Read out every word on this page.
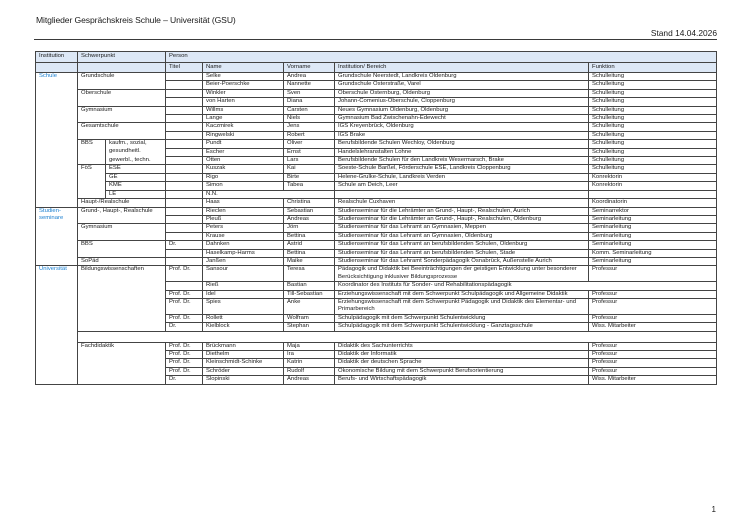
Mitglieder Gesprächskreis Schule – Universität (GSU)
Stand 14.04.2026
Institution	Schwerpunkt		Person				
			Titel	Name	Vorname	Institution/ Bereich	Funktion
Schule	Grundschule			Selke	Andrea	Grundschule Neerstedt, Landkreis Oldenburg	Schulleitung
				Beier-Poerschke	Nannette	Grundschule Osterstraße, Varel	Schulleitung
	Oberschule			Winkler	Sven	Oberschule Osternburg, Oldenburg	Schulleitung
				von Harten	Diana	Johann-Comenius-Oberschule, Cloppenburg	Schulleitung
	Gymnasium			Willms	Carsten	Neues Gymnasium Oldenburg, Oldenburg	Schulleitung
				Lange	Niels	Gymnasium Bad Zwischenahn-Edewecht	Schulleitung
	Gesamtschule			Kaczmirek	Jens	IGS Kreyenbrück, Oldenburg	Schulleitung
				Ringwelski	Robert	IGS Brake	Schulleitung
	BBS	kaufm., sozial, gesundheitl.		Pundt	Oliver	Berufsbildende Schulen Wechloy, Oldenburg	Schulleitung
				Escher	Ernst	Handelslehranstalten Lohne	Schulleitung
		gewerbl., techn.		Otten	Lars	Berufsbildende Schulen für den Landkreis Wesermarsch, Brake	Schulleitung
	FöS	ESE		Kuszak	Kai	Soeste-Schule Barßel, Förderschule ESE, Landkreis Cloppenburg	Schulleitung
		GE		Rigo	Birte	Helene-Grulke-Schule, Landkreis Verden	Konrektorin
		KME		Simon	Tabea	Schule am Deich, Leer	Konrektorin
		LE		N.N.			
	Haupt-/Realschule			Haas	Christina	Realschule Cuxhaven	Koordinatorin
Studien-seminare	Grund-, Haupt-, Realschule			Rieclen	Sebastian	Studienseminar für die Lehrämter an Grund-, Haupt-, Realschulen, Aurich	Seminarrektor
				Pleuß	Andreas	Studienseminar für die Lehrämter an Grund-, Haupt-, Realschulen, Oldenburg	Seminarleitung

	Gymnasium			Peters	Jörn	Studienseminar für das Lehramt an Gymnasien, Meppen	Seminarleitung
				Krause	Bettina	Studienseminar für das Lehramt an Gymnasien, Oldenburg	Seminarleitung
	BBS		Dr.	Dahnken	Astrid	Studienseminar für das Lehramt an berufsbildenden Schulen, Oldenburg	Seminarleitung
				Haselkamp-Harms	Bettina	Studienseminar für das Lehramt an berufsbildenden Schulen, Stade	Komm. Seminarleitung
	SoPäd			Janßen	Maike	Studienseminar für das Lehramt Sonderpädagogik Osnabrück, Außenstelle Aurich	Seminarleitung

Universität	Bildungswissenschaften		Prof. Dr.	Sansour	Teresa	Pädagogik und Didaktik bei Beeinträchtigungen der geistigen Entwicklung unter besonderer Berücksichtigung inklusiver Bildungsprozesse	Professur

				Rieß	Bastian	Koordinator des Instituts für Sonder- und Rehabilitationspädagogik	
			Prof. Dr.	Idel	Till-Sebastian	Erziehungswissenschaft mit dem Schwerpunkt Schulpädagogik und Allgemeine Didaktik	Professur

			Prof. Dr.	Spies	Anke	Erziehungswissenschaft mit dem Schwerpunkt Pädagogik und Didaktik des Elementar- und Primarbereich	Professur

			Prof. Dr.	Rollett	Wolfram	Schulpädagogik mit dem Schwerpunkt Schulentwicklung	Professur
			Dr.	Kielblock	Stephan	Schulpädagogik mit dem Schwerpunkt Schulentwicklung - Ganztagsschule	Wiss. Mitarbeiter

	Fachdidaktik		Prof. Dr.	Brückmann	Maja	Didaktik des Sachunterrichts	Professur
			Prof. Dr.	Diethelm	Ira	Didaktik der Informatik	Professur
			Prof. Dr.	Kleinschmidt-Schinke	Katrin	Didaktik der deutschen Sprache	Professur
			Prof. Dr.	Schröder	Rudolf	Ökonomische Bildung mit dem Schwerpunkt Berufsorientierung	Professur
			Dr.	Slopinski	Andreas	Berufs- und Wirtschaftspädagogik	Wiss. Mitarbeiter
1
